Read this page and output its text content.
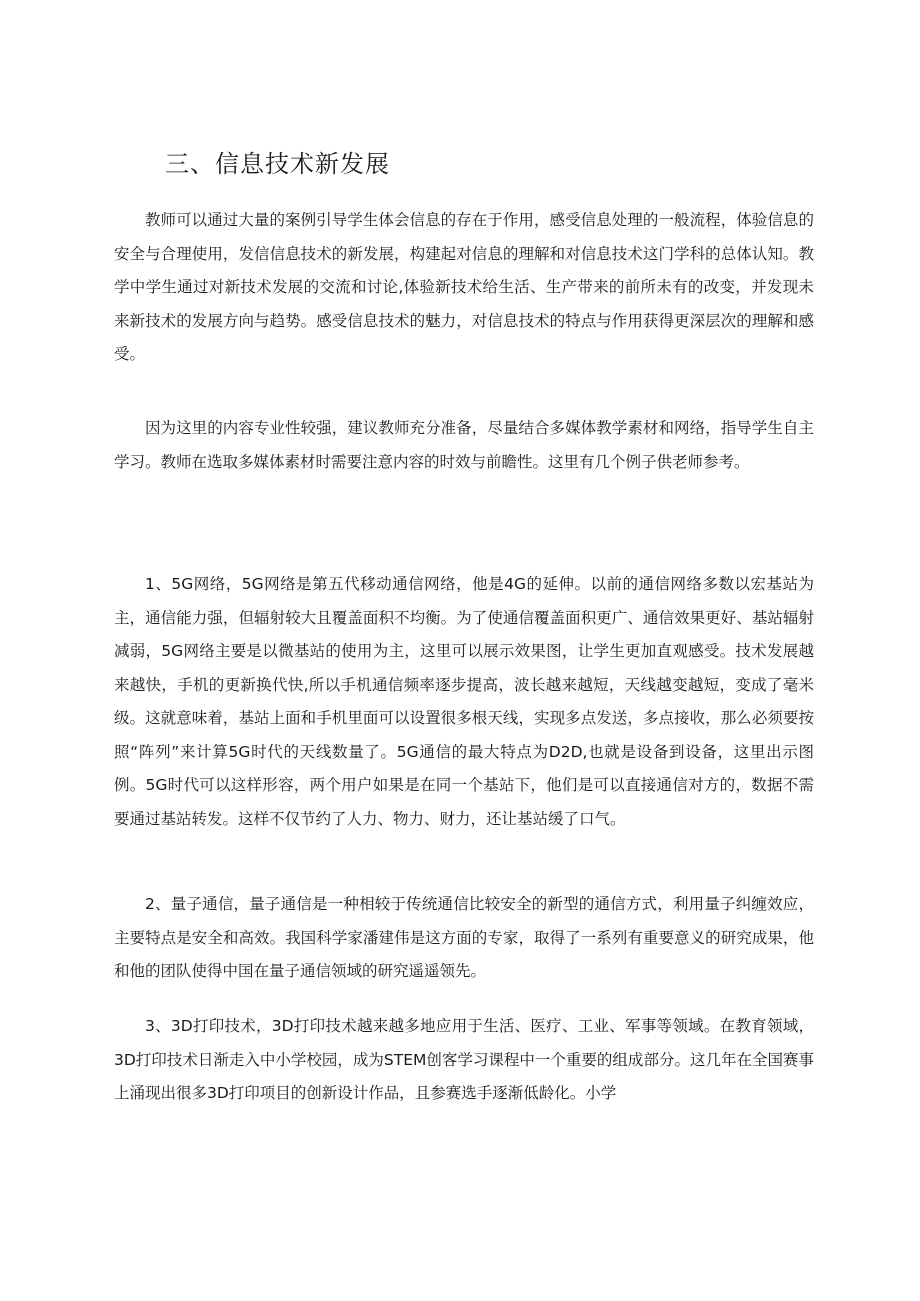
三、信息技术新发展

教师可以通过大量的案例引导学生体会信息的存在于作用，感受信息处理的一般流程，体验信息的安全与合理使用，发信信息技术的新发展，构建起对信息的理解和对信息技术这门学科的总体认知。教学中学生通过对新技术发展的交流和讨论,体验新技术给生活、生产带来的前所未有的改变，并发现未来新技术的发展方向与趋势。感受信息技术的魅力，对信息技术的特点与作用获得更深层次的理解和感受。

因为这里的内容专业性较强，建议教师充分准备，尽量结合多媒体教学素材和网络，指导学生自主学习。教师在选取多媒体素材时需要注意内容的时效与前瞻性。这里有几个例子供老师参考。

1、5G网络，5G网络是第五代移动通信网络，他是4G的延伸。以前的通信网络多数以宏基站为主，通信能力强，但辐射较大且覆盖面积不均衡。为了使通信覆盖面积更广、通信效果更好、基站辐射减弱，5G网络主要是以微基站的使用为主，这里可以展示效果图，让学生更加直观感受。技术发展越来越快，手机的更新换代快,所以手机通信频率逐步提高，波长越来越短，天线越变越短，变成了毫米级。这就意味着，基站上面和手机里面可以设置很多根天线，实现多点发送，多点接收，那么必须要按照“阵列”来计算5G时代的天线数量了。5G通信的最大特点为D2D,也就是设备到设备，这里出示图例。5G时代可以这样形容，两个用户如果是在同一个基站下，他们是可以直接通信对方的，数据不需要通过基站转发。这样不仅节约了人力、物力、财力，还让基站缓了口气。

2、量子通信，量子通信是一种相较于传统通信比较安全的新型的通信方式，利用量子纠缠效应，主要特点是安全和高效。我国科学家潘建伟是这方面的专家，取得了一系列有重要意义的研究成果，他和他的团队使得中国在量子通信领域的研究遥遥领先。

3、3D打印技术，3D打印技术越来越多地应用于生活、医疗、工业、军事等领域。在教育领域，3D打印技术日渐走入中小学校园，成为STEM创客学习课程中一个重要的组成部分。这几年在全国赛事上涌现出很多3D打印项目的创新设计作品，且参赛选手逐渐低龄化。小学
